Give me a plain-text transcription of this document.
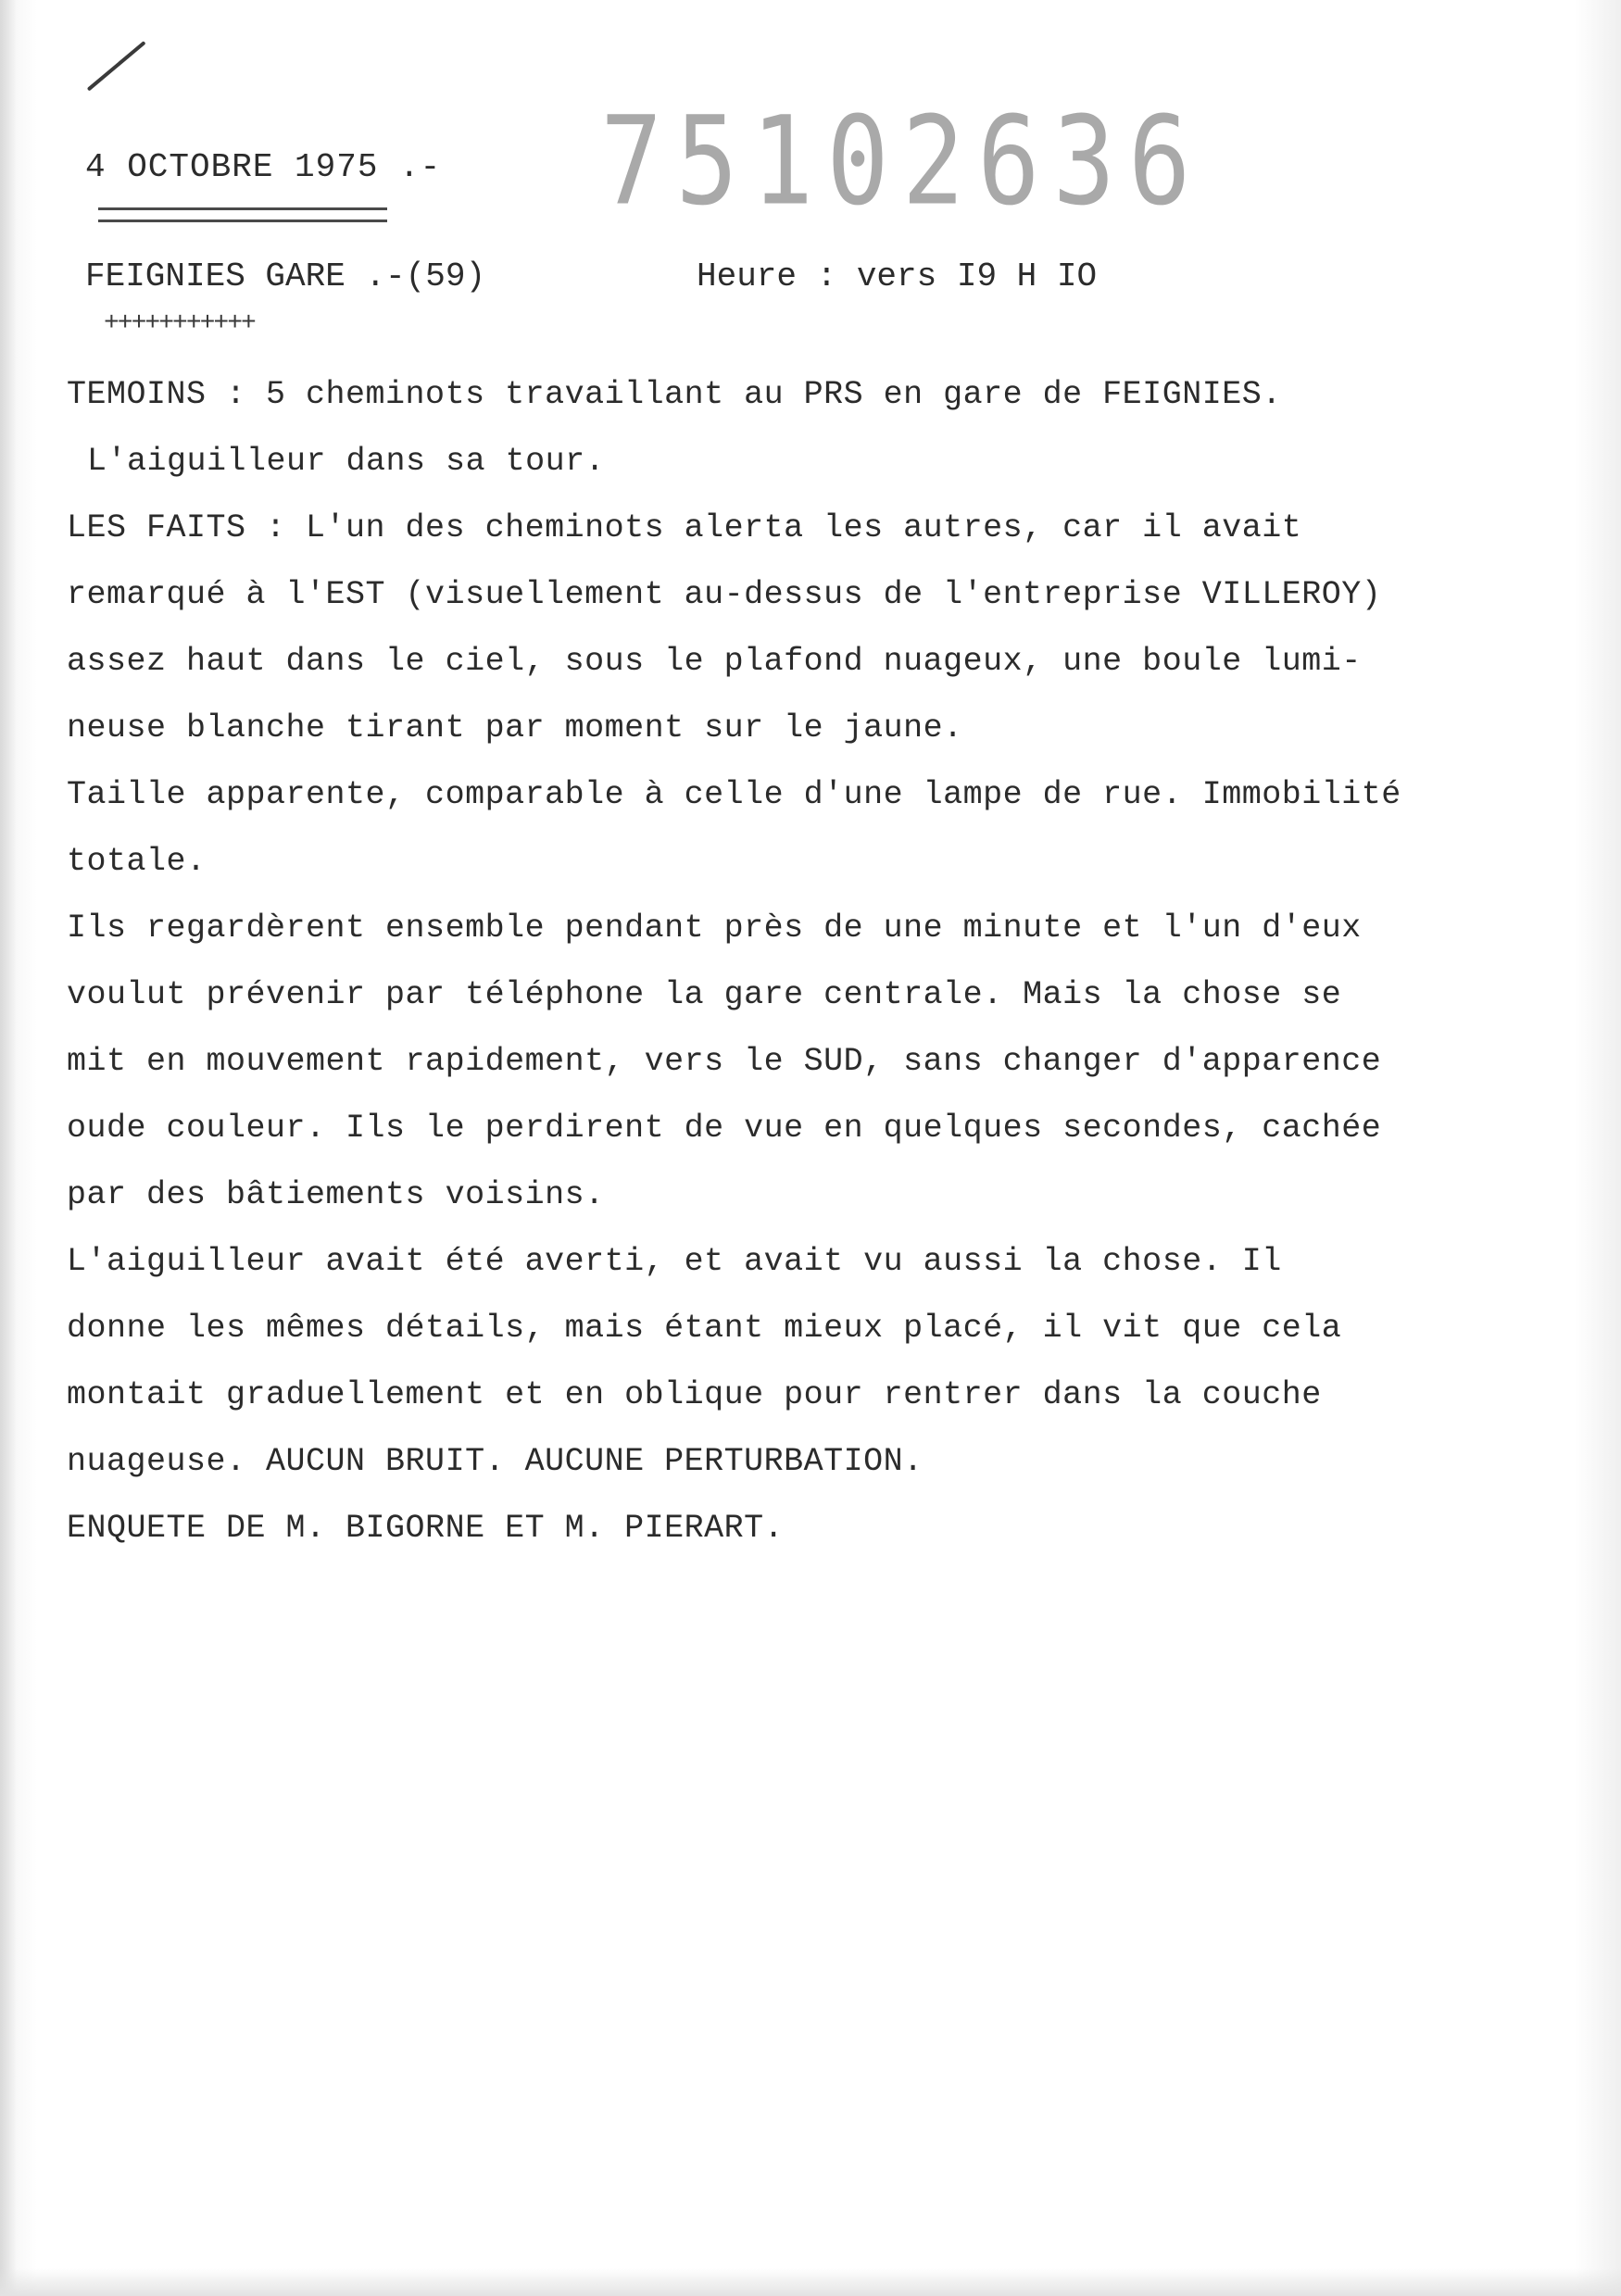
4 OCTOBRE 1975 .- 75102636
FEIGNIES GARE .-(59)	Heure : vers I9 H IO
+++++++++++
TEMOINS : 5 cheminots travaillant au PRS en gare de FEIGNIES.
L'aiguilleur dans sa tour.
LES FAITS : L'un des cheminots alerta les autres, car il avait
remarqué à l'EST (visuellement au-dessus de l'entreprise VILLEROY)
assez haut dans le ciel, sous le plafond nuageux, une boule lumi-
neuse blanche tirant par moment sur le jaune.
Taille apparente, comparable à celle d'une lampe de rue. Immobilité
totale.
Ils regardèrent ensemble pendant près de une minute et l'un d'eux
voulut prévenir par téléphone la gare centrale. Mais la chose se
mit en mouvement rapidement, vers le SUD, sans changer d'apparence
oude couleur. Ils le perdirent de vue en quelques secondes, cachée
par des bâtiements voisins.
L'aiguilleur avait été averti, et avait vu aussi la chose. Il
donne les mêmes détails, mais étant mieux placé, il vit que cela
montait graduellement et en oblique pour rentrer dans la couche
nuageuse. AUCUN BRUIT. AUCUNE PERTURBATION.
ENQUETE DE M. BIGORNE ET M. PIERART.
